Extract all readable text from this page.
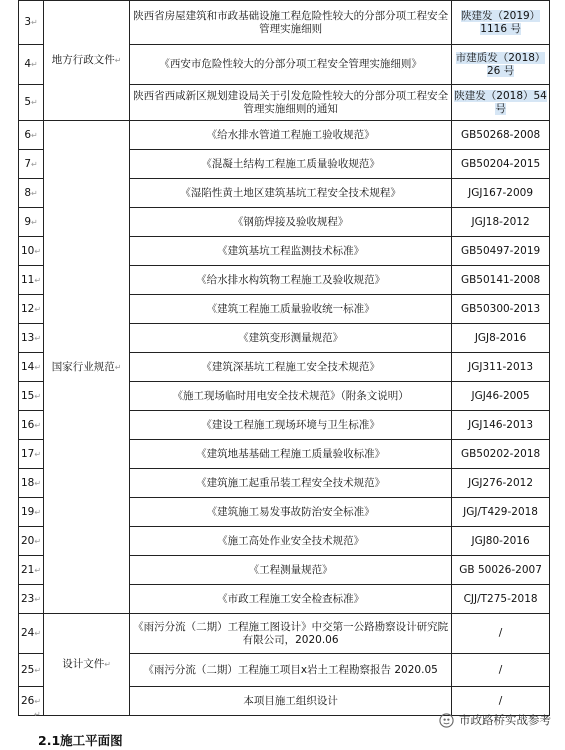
3↵	地方行政文件↵	陕西省房屋建筑和市政基础设施工程危险性较大的分部分项工程安全管理实施细则	陕建发（2019）1116 号
4↵		《西安市危险性较大的分部分项工程安全管理实施细则》	市建质发（2018）26 号
5↵		陕西省西咸新区规划建设局关于引发危险性较大的分部分项工程安全管理实施细则的通知	陕建发（2018）54 号
6↵	国家行业规范↵	《给水排水管道工程施工验收规范》	GB50268-2008
7↵		《混凝土结构工程施工质量验收规范》	GB50204-2015
8↵		《湿陷性黄土地区建筑基坑工程安全技术规程》	JGJ167-2009
9↵		《钢筋焊接及验收规程》	JGJ18-2012
10↵		《建筑基坑工程监测技术标准》	GB50497-2019
11↵		《给水排水构筑物工程施工及验收规范》	GB50141-2008
12↵		《建筑工程施工质量验收统一标准》	GB50300-2013
13↵		《建筑变形测量规范》	JGJ8-2016
14↵		《建筑深基坑工程施工安全技术规范》	JGJ311-2013
15↵		《施工现场临时用电安全技术规范》（附条文说明）	JGJ46-2005
16↵		《建设工程施工现场环境与卫生标准》	JGJ146-2013
17↵		《建筑地基基础工程施工质量验收标准》	GB50202-2018
18↵		《建筑施工起重吊装工程安全技术规范》	JGJ276-2012
19↵		《建筑施工易发事故防治安全标准》	JGJ/T429-2018
20↵		《施工高处作业安全技术规范》	JGJ80-2016
21↵		《工程测量规范》	GB 50026-2007
23↵		《市政工程施工安全检查标准》	CJJ/T275-2018
24↵	设计文件↵	《雨污分流（二期）工程施工图设计》中交第一公路勘察设计研究院有限公司，2020.06	/
25↵		《雨污分流（二期）工程施工项目ⅹ岩土工程勘察报告 2020.05	/
26↵		本项目施工组织设计	/
↵	市政路桥实战参考
2.1施工平面图
